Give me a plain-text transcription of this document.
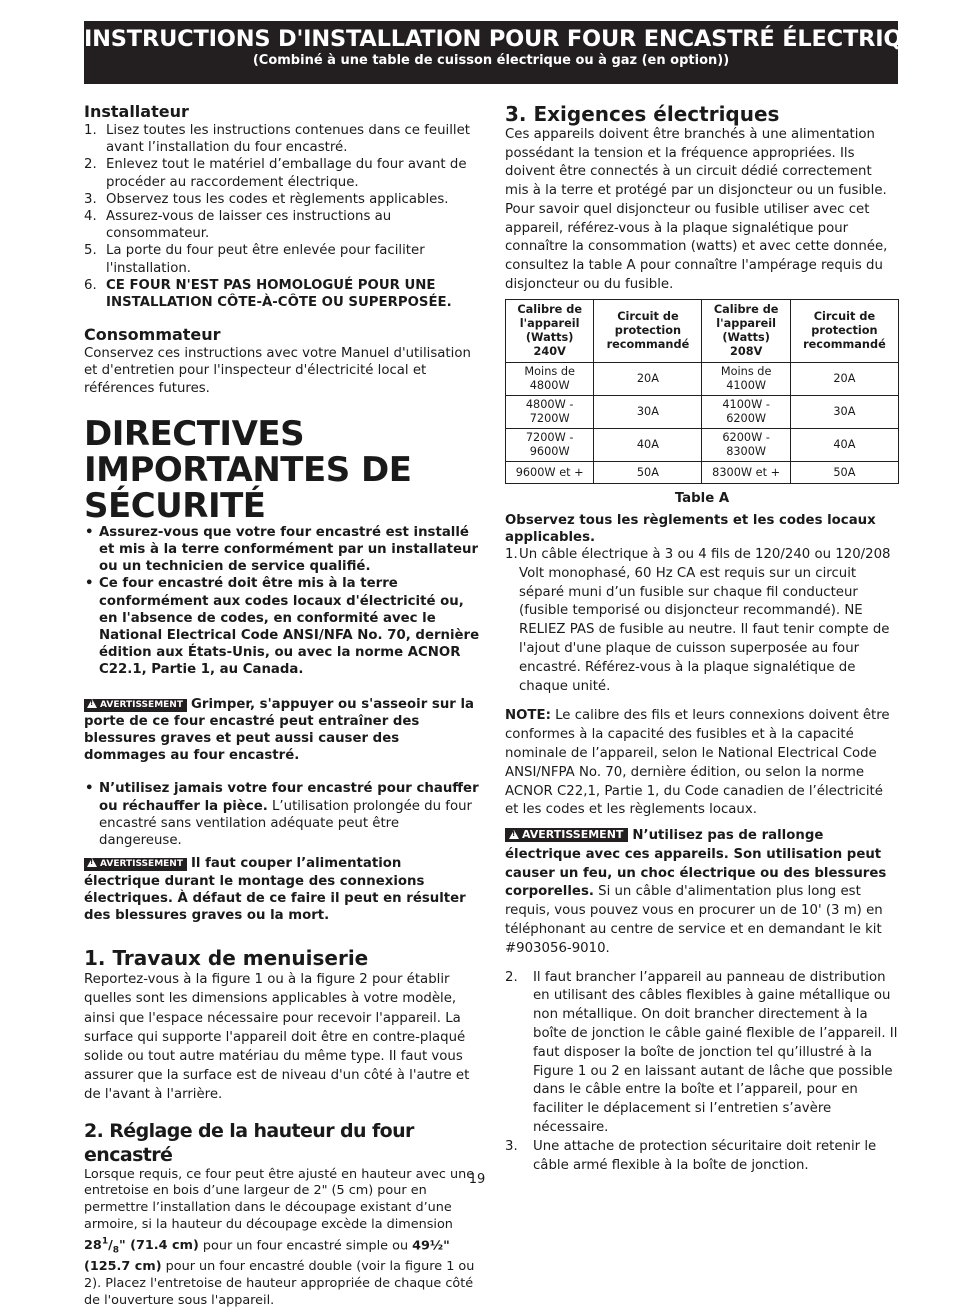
INSTRUCTIONS D'INSTALLATION POUR FOUR ENCASTRÉ ÉLECTRIQUE
(Combiné à une table de cuisson électrique ou à gaz (en option))
Installateur
1. Lisez toutes les instructions contenues dans ce feuillet avant l’installation du four encastré.
2. Enlevez tout le matériel d’emballage du four avant de procéder au raccordement électrique.
3. Observez tous les codes et règlements applicables.
4. Assurez-vous de laisser ces instructions au consommateur.
5. La porte du four peut être enlevée pour faciliter l'installation.
6. CE FOUR N'EST PAS HOMOLOGUÉ POUR UNE INSTALLATION CÔTE-À-CÔTE OU SUPERPOSÉE.
Consommateur

Conservez ces instructions avec votre Manuel d'utilisation et d'entretien pour l'inspecteur d'électricité local et références futures.

DIRECTIVES IMPORTANTES DE SÉCURITÉ
• Assurez-vous que votre four encastré est installé et mis à la terre conformément par un installateur ou un technicien de service qualifié.
• Ce four encastré doit être mis à la terre conformément aux codes locaux d'électricité ou, en l'absence de codes, en conformité avec le National Electrical Code ANSI/NFA No. 70, dernière édition aux États-Unis, ou avec la norme ACNOR C22.1, Partie 1, au Canada.

!AVERTISSEMENT Grimper, s'appuyer ou s'asseoir sur la porte de ce four encastré peut entraîner des blessures graves et peut aussi causer des dommages au four encastré.

• N’utilisez jamais votre four encastré pour chauffer ou réchauffer la pièce. L’utilisation prolongée du four encastré sans ventilation adéquate peut être dangereuse.

!AVERTISSEMENT Il faut couper l’alimentation électrique durant le montage des connexions électriques. À défaut de ce faire il peut en résulter des blessures graves ou la mort.

1. Travaux de menuiserie

Reportez-vous à la figure 1 ou à la figure 2 pour établir quelles sont les dimensions applicables à votre modèle, ainsi que l'espace nécessaire pour recevoir l'appareil. La surface qui supporte l'appareil doit être en contre-plaqué solide ou tout autre matériau du même type. Il faut vous assurer que la surface est de niveau d'un côté à l'autre et de l'avant à l'arrière.

2. Réglage de la hauteur du four encastré

Lorsque requis, ce four peut être ajusté en hauteur avec une entretoise en bois d’une largeur de 2" (5 cm) pour en permettre l’installation dans le découpage existant d’une armoire, si la hauteur du découpage excède la dimension $28^1/_8$" (71.4 cm) pour un four encastré simple ou 49½" (125.7 cm) pour un four encastré double (voir la figure 1 ou 2). Placez l'entretoise de hauteur appropriée de chaque côté de l'ouverture sous l'appareil.

3. Exigences électriques

Ces appareils doivent être branchés à une alimentation possédant la tension et la fréquence appropriées. Ils doivent être connectés à un circuit dédié correctement mis à la terre et protégé par un disjoncteur ou un fusible. Pour savoir quel disjoncteur ou fusible utiliser avec cet appareil, référez-vous à la plaque signalétique pour connaître la consommation (watts) et avec cette donnée, consultez la table A pour connaître l'ampérage requis du disjoncteur ou du fusible.

Calibre de l'appareil (Watts) 240V	Circuit de protection recommandé	Calibre de l'appareil (Watts) 208V	Circuit de protection recommandé
Moins de 4800W	20A	Moins de 4100W	20A
4800W - 7200W	30A	4100W - 6200W	30A
7200W - 9600W	40A	6200W - 8300W	40A
9600W et +	50A	8300W et +	50A
Table A

Observez tous les règlements et les codes locaux applicables.

1. Un câble électrique à 3 ou 4 fils de 120/240 ou 120/208 Volt monophasé, 60 Hz CA est requis sur un circuit séparé muni d’un fusible sur chaque fil conducteur (fusible temporisé ou disjoncteur recommandé). NE RELIEZ PAS de fusible au neutre. Il faut tenir compte de l'ajout d'une plaque de cuisson superposée au four encastré. Référez-vous à la plaque signalétique de chaque unité.

NOTE: Le calibre des fils et leurs connexions doivent être conformes à la capacité des fusibles et à la capacité nominale de l’appareil, selon le National Electrical Code ANSI/NFPA No. 70, dernière édition, ou selon la norme ACNOR C22,1, Partie 1, du Code canadien de l’électricité et les codes et les règlements locaux.

!AVERTISSEMENT N’utilisez pas de rallonge électrique avec ces appareils. Son utilisation peut causer un feu, un choc électrique ou des blessures corporelles. Si un câble d'alimentation plus long est requis, vous pouvez vous en procurer un de 10' (3 m) en téléphonant au centre de service et en demandant le kit #903056-9010.

2. Il faut brancher l’appareil au panneau de distribution en utilisant des câbles flexibles à gaine métallique ou non métallique. On doit brancher directement à la boîte de jonction le câble gainé flexible de l’appareil. Il faut disposer la boîte de jonction tel qu’illustré à la Figure 1 ou 2 en laissant autant de lâche que possible dans le câble entre la boîte et l’appareil, pour en faciliter le déplacement si l’entretien s’avère nécessaire.

3. Une attache de protection sécuritaire doit retenir le câble armé flexible à la boîte de jonction.

19
